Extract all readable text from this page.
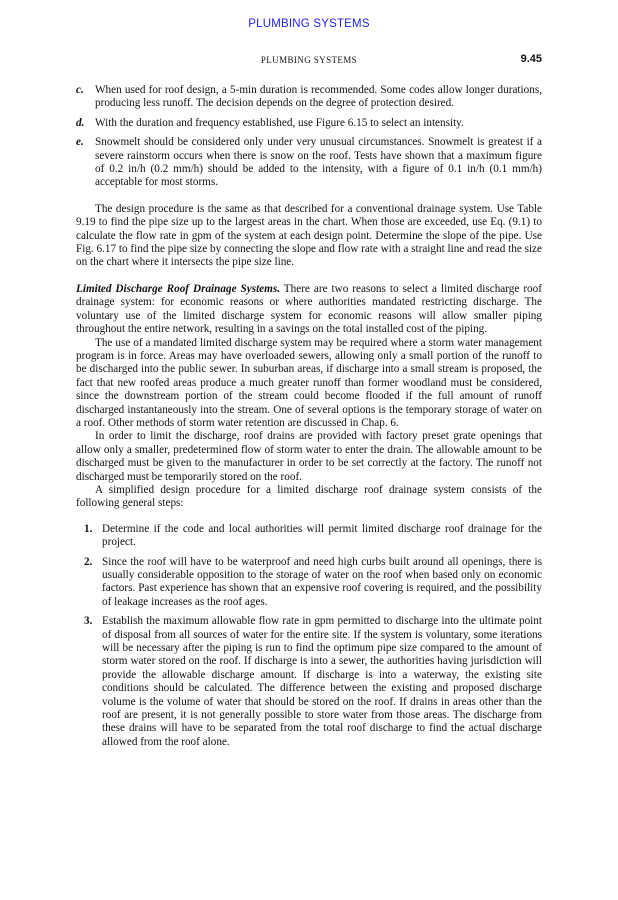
PLUMBING SYSTEMS
PLUMBING SYSTEMS	9.45
c.	When used for roof design, a 5-min duration is recommended. Some codes allow longer durations, producing less runoff. The decision depends on the degree of protection desired.
d. With the duration and frequency established, use Figure 6.15 to select an intensity.
e.	Snowmelt should be considered only under very unusual circumstances. Snowmelt is greatest if a severe rainstorm occurs when there is snow on the roof. Tests have shown that a maximum figure of 0.2 in/h (0.2 mm/h) should be added to the intensity, with a figure of 0.1 in/h (0.1 mm/h) acceptable for most storms.

The design procedure is the same as that described for a conventional drainage system. Use Table 9.19 to find the pipe size up to the largest areas in the chart. When those are exceeded, use Eq. (9.1) to calculate the flow rate in gpm of the system at each design point. Determine the slope of the pipe. Use Fig. 6.17 to find the pipe size by connecting the slope and flow rate with a straight line and read the size on the chart where it intersects the pipe size line.

Limited Discharge Roof Drainage Systems. There are two reasons to select a limited discharge roof drainage system: for economic reasons or where authorities mandated restricting discharge. The voluntary use of the limited discharge system for economic reasons will allow smaller piping throughout the entire network, resulting in a savings on the total installed cost of the piping.

The use of a mandated limited discharge system may be required where a storm water management program is in force. Areas may have overloaded sewers, allowing only a small portion of the runoff to be discharged into the public sewer. In suburban areas, if discharge into a small stream is proposed, the fact that new roofed areas produce a much greater runoff than former woodland must be considered, since the downstream portion of the stream could become flooded if the full amount of runoff discharged instantaneously into the stream. One of several options is the temporary storage of water on a roof. Other methods of storm water retention are discussed in Chap. 6.

In order to limit the discharge, roof drains are provided with factory preset grate openings that allow only a smaller, predetermined flow of storm water to enter the drain. The allowable amount to be discharged must be given to the manufacturer in order to be set correctly at the factory. The runoff not discharged must be temporarily stored on the roof.

A simplified design procedure for a limited discharge roof drainage system consists of the following general steps:

1. Determine if the code and local authorities will permit limited discharge roof drainage for the project.
2. Since the roof will have to be waterproof and need high curbs built around all openings, there is usually considerable opposition to the storage of water on the roof when based only on economic factors. Past experience has shown that an expensive roof covering is required, and the possibility of leakage increases as the roof ages.
3. Establish the maximum allowable flow rate in gpm permitted to discharge into the ultimate point of disposal from all sources of water for the entire site. If the system is voluntary, some iterations will be necessary after the piping is run to find the optimum pipe size compared to the amount of storm water stored on the roof. If discharge is into a sewer, the authorities having jurisdiction will provide the allowable discharge amount. If discharge is into a waterway, the existing site conditions should be calculated. The difference between the existing and proposed discharge volume is the volume of water that should be stored on the roof. If drains in areas other than the roof are present, it is not generally possible to store water from those areas. The discharge from these drains will have to be separated from the total roof discharge to find the actual discharge allowed from the roof alone.
